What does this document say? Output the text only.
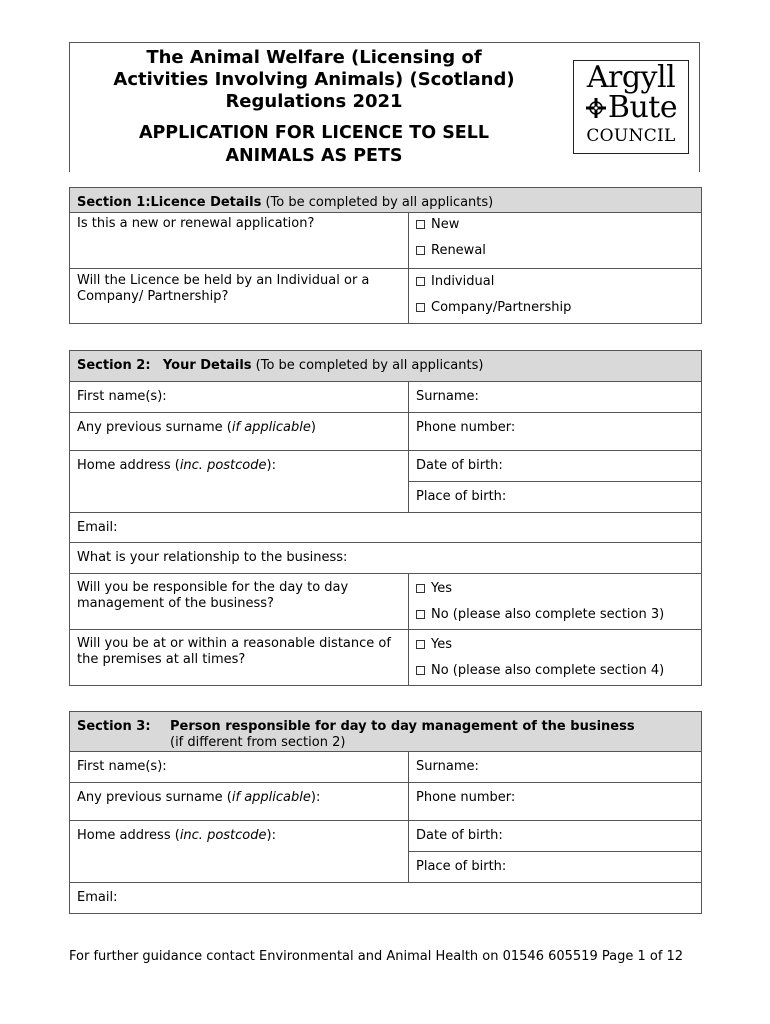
The Animal Welfare (Licensing of
Activities Involving Animals) (Scotland)
Regulations 2021

APPLICATION FOR LICENCE TO SELL
ANIMALS AS PETS

Argyll
Bute
COUNCIL
Section 1:Licence Details (To be completed by all applicants)	
Is this a new or renewal application?	New
Renewal

Will the Licence be held by an Individual or a Company/ Partnership?	Individual
Company/Partnership
Section 2: Your Details (To be completed by all applicants)	
First name(s):	Surname:
Any previous surname (if applicable)	Phone number:
Home address (inc. postcode):	Date of birth:
	Place of birth:
Email:	
What is your relationship to the business:	
Will you be responsible for the day to day management of the business?	Yes
No (please also complete section 3)

Will you be at or within a reasonable distance of the premises at all times?	Yes
No (please also complete section 4)
Section 3: Person responsible for day to day management of the business
(if different from section 2)	

First name(s):	Surname:
Any previous surname (if applicable):	Phone number:
Home address (inc. postcode):	Date of birth:
	Place of birth:
Email:	
For further guidance contact Environmental and Animal Health on 01546 605519 Page 1 of 12
